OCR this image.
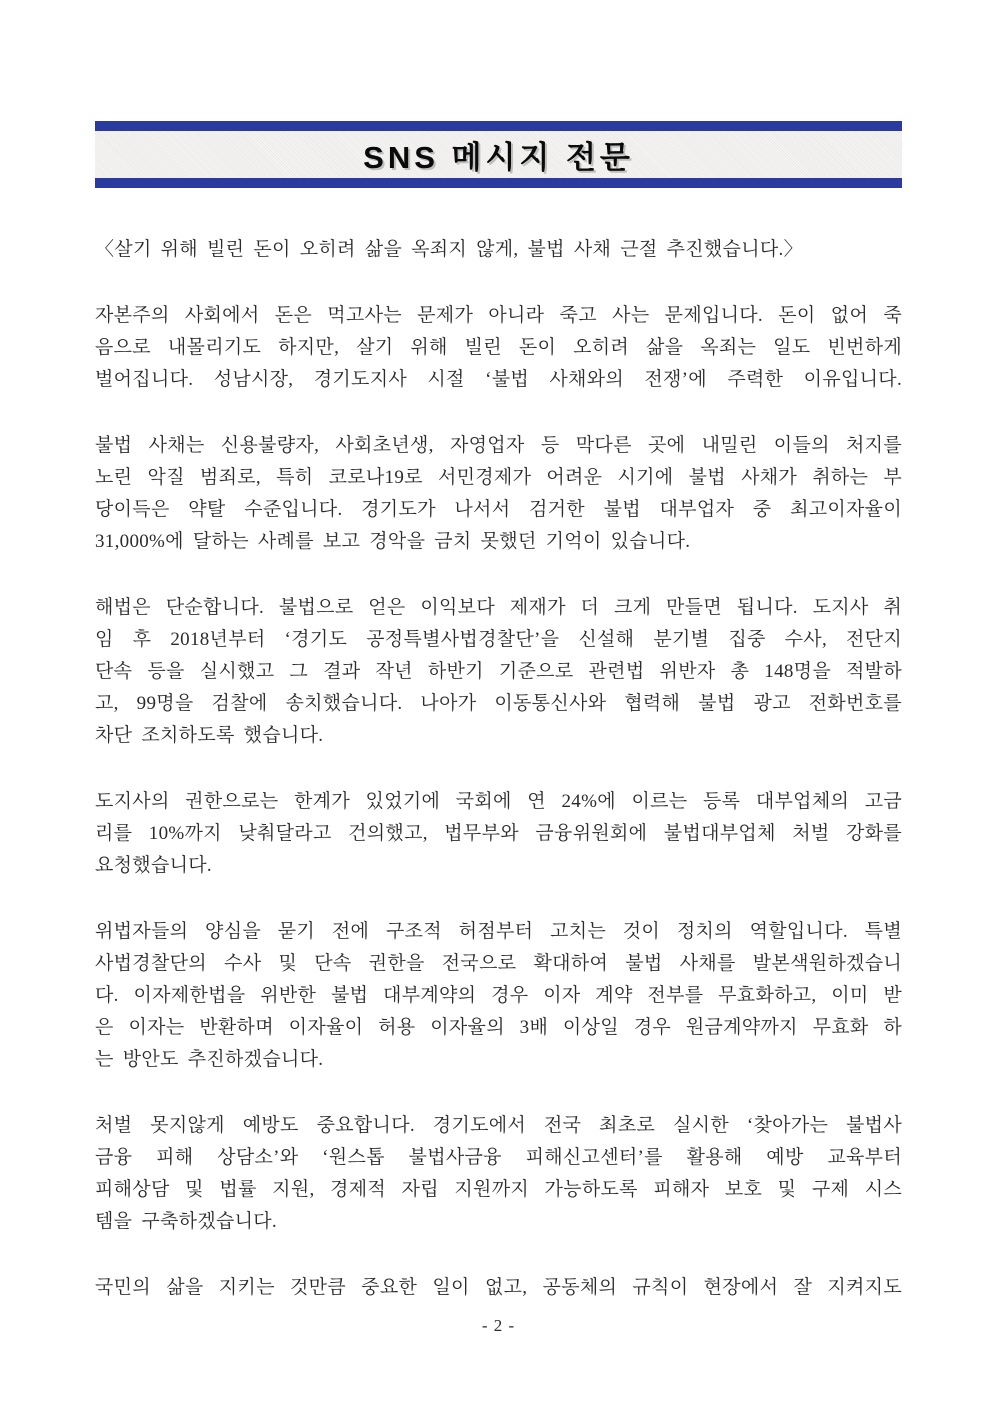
SNS 메시지 전문
〈살기 위해 빌린 돈이 오히려 삶을 옥죄지 않게, 불법 사채 근절 추진했습니다.〉
자본주의 사회에서 돈은 먹고사는 문제가 아니라 죽고 사는 문제입니다. 돈이 없어 죽
음으로 내몰리기도 하지만, 살기 위해 빌린 돈이 오히려 삶을 옥죄는 일도 빈번하게
벌어집니다. 성남시장, 경기도지사 시절 ‘불법 사채와의 전쟁’에 주력한 이유입니다.
불법 사채는 신용불량자, 사회초년생, 자영업자 등 막다른 곳에 내밀린 이들의 처지를
노린 악질 범죄로, 특히 코로나19로 서민경제가 어려운 시기에 불법 사채가 취하는 부
당이득은 약탈 수준입니다. 경기도가 나서서 검거한 불법 대부업자 중 최고이자율이
31,000%에 달하는 사례를 보고 경악을 금치 못했던 기억이 있습니다.
해법은 단순합니다. 불법으로 얻은 이익보다 제재가 더 크게 만들면 됩니다. 도지사 취
임 후 2018년부터 ‘경기도 공정특별사법경찰단’을 신설해 분기별 집중 수사, 전단지
단속 등을 실시했고 그 결과 작년 하반기 기준으로 관련법 위반자 총 148명을 적발하
고, 99명을 검찰에 송치했습니다. 나아가 이동통신사와 협력해 불법 광고 전화번호를
차단 조치하도록 했습니다.
도지사의 권한으로는 한계가 있었기에 국회에 연 24%에 이르는 등록 대부업체의 고금
리를 10%까지 낮춰달라고 건의했고, 법무부와 금융위원회에 불법대부업체 처벌 강화를
요청했습니다.
위법자들의 양심을 묻기 전에 구조적 허점부터 고치는 것이 정치의 역할입니다. 특별
사법경찰단의 수사 및 단속 권한을 전국으로 확대하여 불법 사채를 발본색원하겠습니
다. 이자제한법을 위반한 불법 대부계약의 경우 이자 계약 전부를 무효화하고, 이미 받
은 이자는 반환하며 이자율이 허용 이자율의 3배 이상일 경우 원금계약까지 무효화 하
는 방안도 추진하겠습니다.
처벌 못지않게 예방도 중요합니다. 경기도에서 전국 최초로 실시한 ‘찾아가는 불법사
금융 피해 상담소’와 ‘원스톱 불법사금융 피해신고센터’를 활용해 예방 교육부터
피해상담 및 법률 지원, 경제적 자립 지원까지 가능하도록 피해자 보호 및 구제 시스
템을 구축하겠습니다.
국민의 삶을 지키는 것만큼 중요한 일이 없고, 공동체의 규칙이 현장에서 잘 지켜지도
- 2 -
